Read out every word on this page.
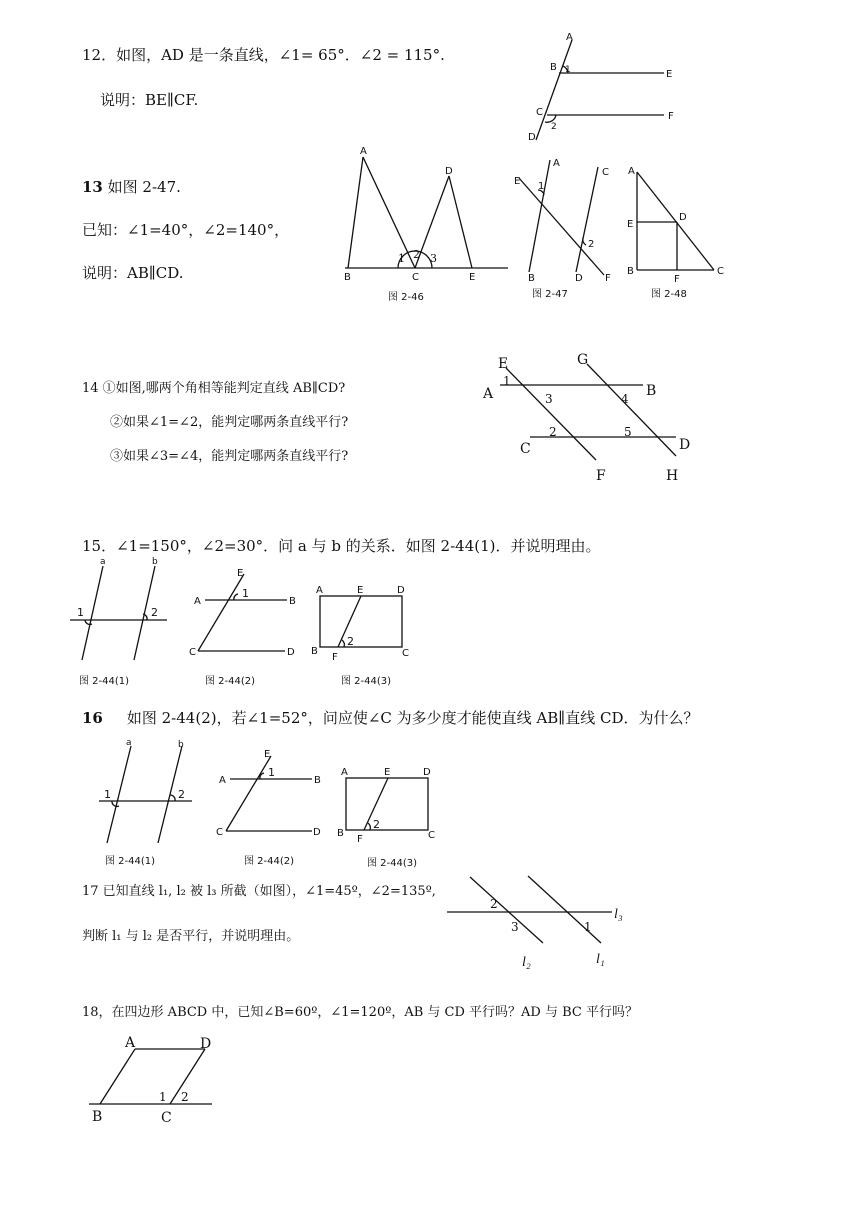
12．如图，AD 是一条直线，∠1= 65°．∠2 = 115°.
说明：BE∥CF.
13 如图 2-47.
已知：∠1=40°，∠2=140°，
说明：AB∥CD.
14 ①如图,哪两个角相等能判定直线 AB∥CD?
②如果∠1=∠2，能判定哪两条直线平行?
③如果∠3=∠4，能判定哪两条直线平行?
15．∠1=150°，∠2=30°．问 a 与 b 的关系．如图 2-44(1)．并说明理由。
16 如图 2-44(2)，若∠1=52°，问应使∠C 为多少度才能使直线 AB∥直线 CD．为什么？
17 已知直线 l₁, l₂ 被 l₃ 所截（如图），∠1=45º，∠2=135º,
判断 l₁ 与 l₂ 是否平行，并说明理由。
18，在四边形 ABCD 中，已知∠B=60º，∠1=120º，AB 与 CD 平行吗？AD 与 BC 平行吗？
A
B 1	E
C
2
F
D
A
D
B	C	E
1 2 3
图 2-46
A
E 1
C
2
B	D F
图 2-47
A
E
D
B
F
C
图 2-48
E	G
A
1
3	4 B
2	5
C	D
F	H
a	b
1	2
图 2-44(1)
E
A
1
B
C	D
图 2-44(2)
A	E	D
B
F
2
C
图 2-44(3)
a	b
1	2
图 2-44(1)
E
A
1
B
C	D
图 2-44(2)
A	E	D
B
F
2
C
图 2-44(3)
2
3	1
l₃
l₂	l₁
A	D
1 2
B	C
